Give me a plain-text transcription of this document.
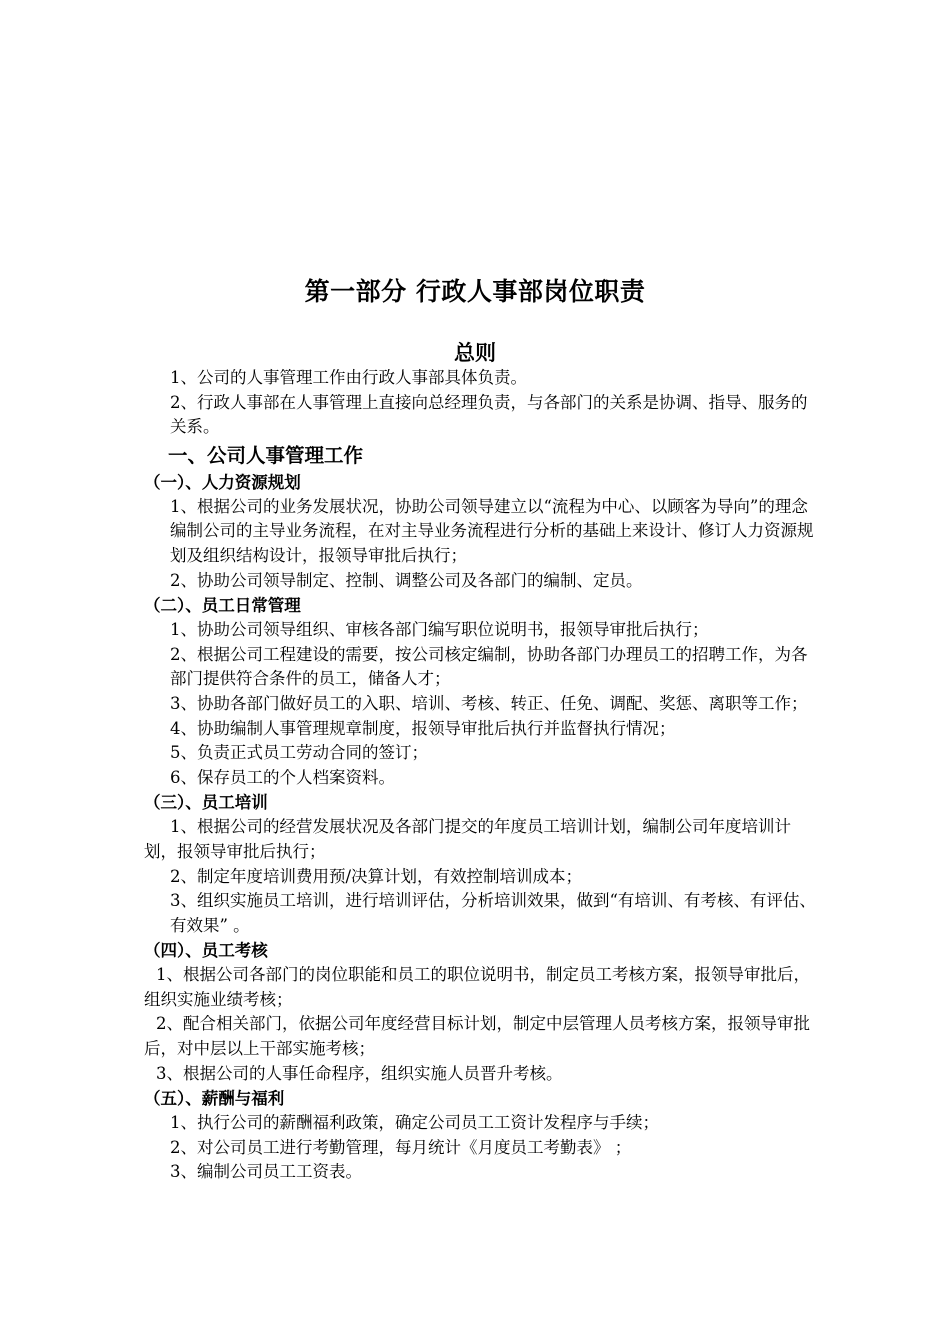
第一部分 行政人事部岗位职责
总则

1、公司的人事管理工作由行政人事部具体负责。

2、行政人事部在人事管理上直接向总经理负责，与各部门的关系是协调、指导、服务的关系。

一、公司人事管理工作
（一）、人力资源规划

1、根据公司的业务发展状况，协助公司领导建立以“流程为中心、以顾客为导向”的理念编制公司的主导业务流程，在对主导业务流程进行分析的基础上来设计、修订人力资源规划及组织结构设计，报领导审批后执行；

2、协助公司领导制定、控制、调整公司及各部门的编制、定员。

（二）、员工日常管理

1、协助公司领导组织、审核各部门编写职位说明书，报领导审批后执行；

2、根据公司工程建设的需要，按公司核定编制，协助各部门办理员工的招聘工作，为各部门提供符合条件的员工，储备人才；

3、协助各部门做好员工的入职、培训、考核、转正、任免、调配、奖惩、离职等工作；

4、协助编制人事管理规章制度，报领导审批后执行并监督执行情况；

5、负责正式员工劳动合同的签订；

6、保存员工的个人档案资料。

（三）、员工培训

1、根据公司的经营发展状况及各部门提交的年度员工培训计划，编制公司年度培训计划，报领导审批后执行；

2、制定年度培训费用预/决算计划，有效控制培训成本；

3、组织实施员工培训，进行培训评估，分析培训效果，做到“有培训、有考核、有评估、有效果” 。

（四）、员工考核

1、根据公司各部门的岗位职能和员工的职位说明书，制定员工考核方案，报领导审批后，组织实施业绩考核；

2、配合相关部门，依据公司年度经营目标计划，制定中层管理人员考核方案，报领导审批后，对中层以上干部实施考核；

3、根据公司的人事任命程序，组织实施人员晋升考核。

（五）、薪酬与福利

1、执行公司的薪酬福利政策，确定公司员工工资计发程序与手续；

2、对公司员工进行考勤管理，每月统计《月度员工考勤表》 ；

3、编制公司员工工资表。
